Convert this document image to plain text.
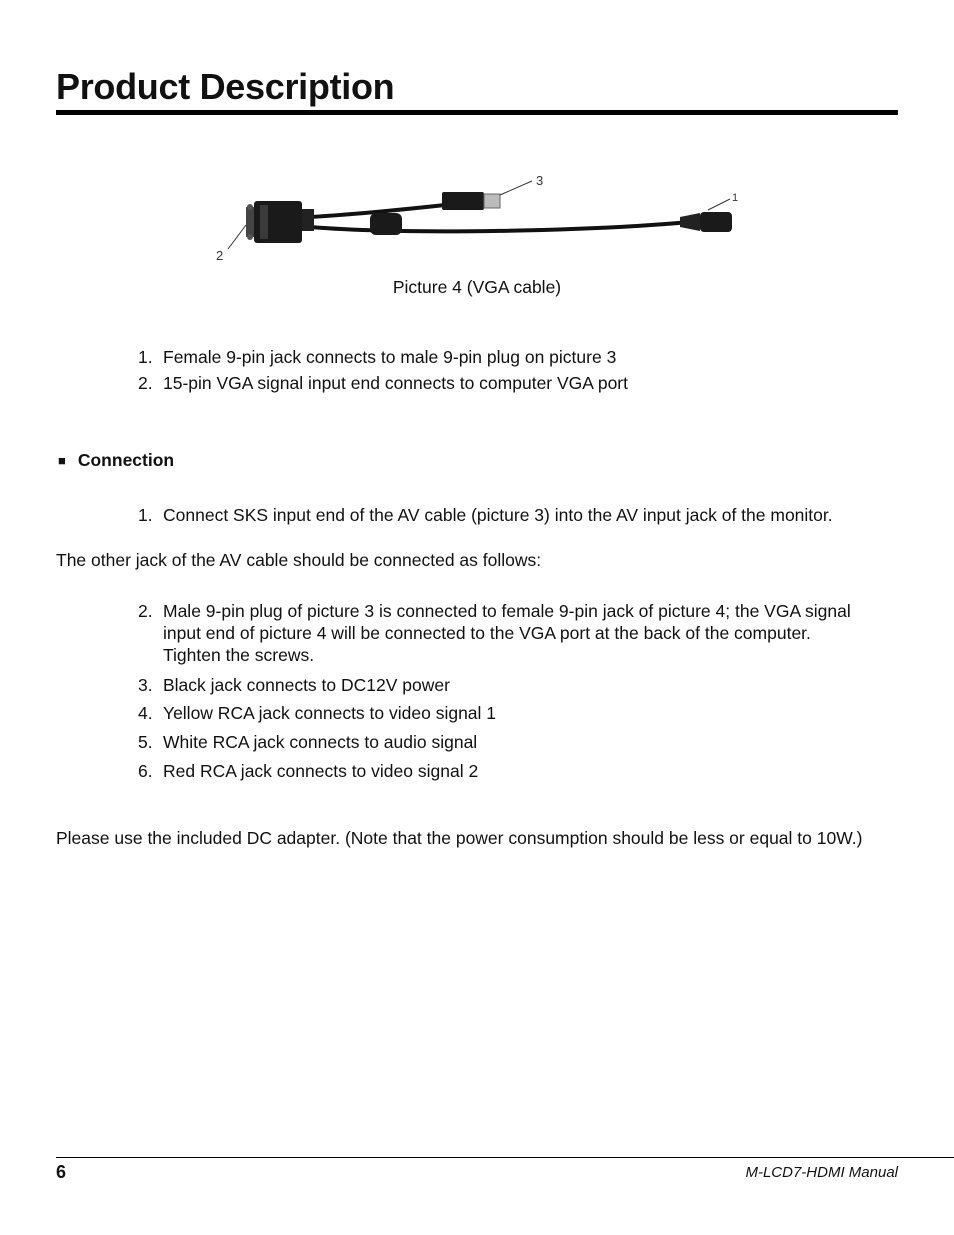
Product Description
3
1
2
Picture 4 (VGA cable)
1. Female 9-pin jack connects to male 9-pin plug on picture 3
2. 15-pin VGA signal input end connects to computer VGA port
■ Connection
1. Connect SKS input end of the AV cable (picture 3) into the AV input jack of the monitor.
The other jack of the AV cable should be connected as follows:
2. Male 9-pin plug of picture 3 is connected to female 9-pin jack of picture 4; the VGA signal input end of picture 4 will be connected to the VGA port at the back of the computer. Tighten the screws.
3. Black jack connects to DC12V power
4. Yellow RCA jack connects to video signal 1
5. White RCA jack connects to audio signal
6. Red RCA jack connects to video signal 2
Please use the included DC adapter. (Note that the power consumption should be less or equal to 10W.)
6	M-LCD7-HDMI Manual
